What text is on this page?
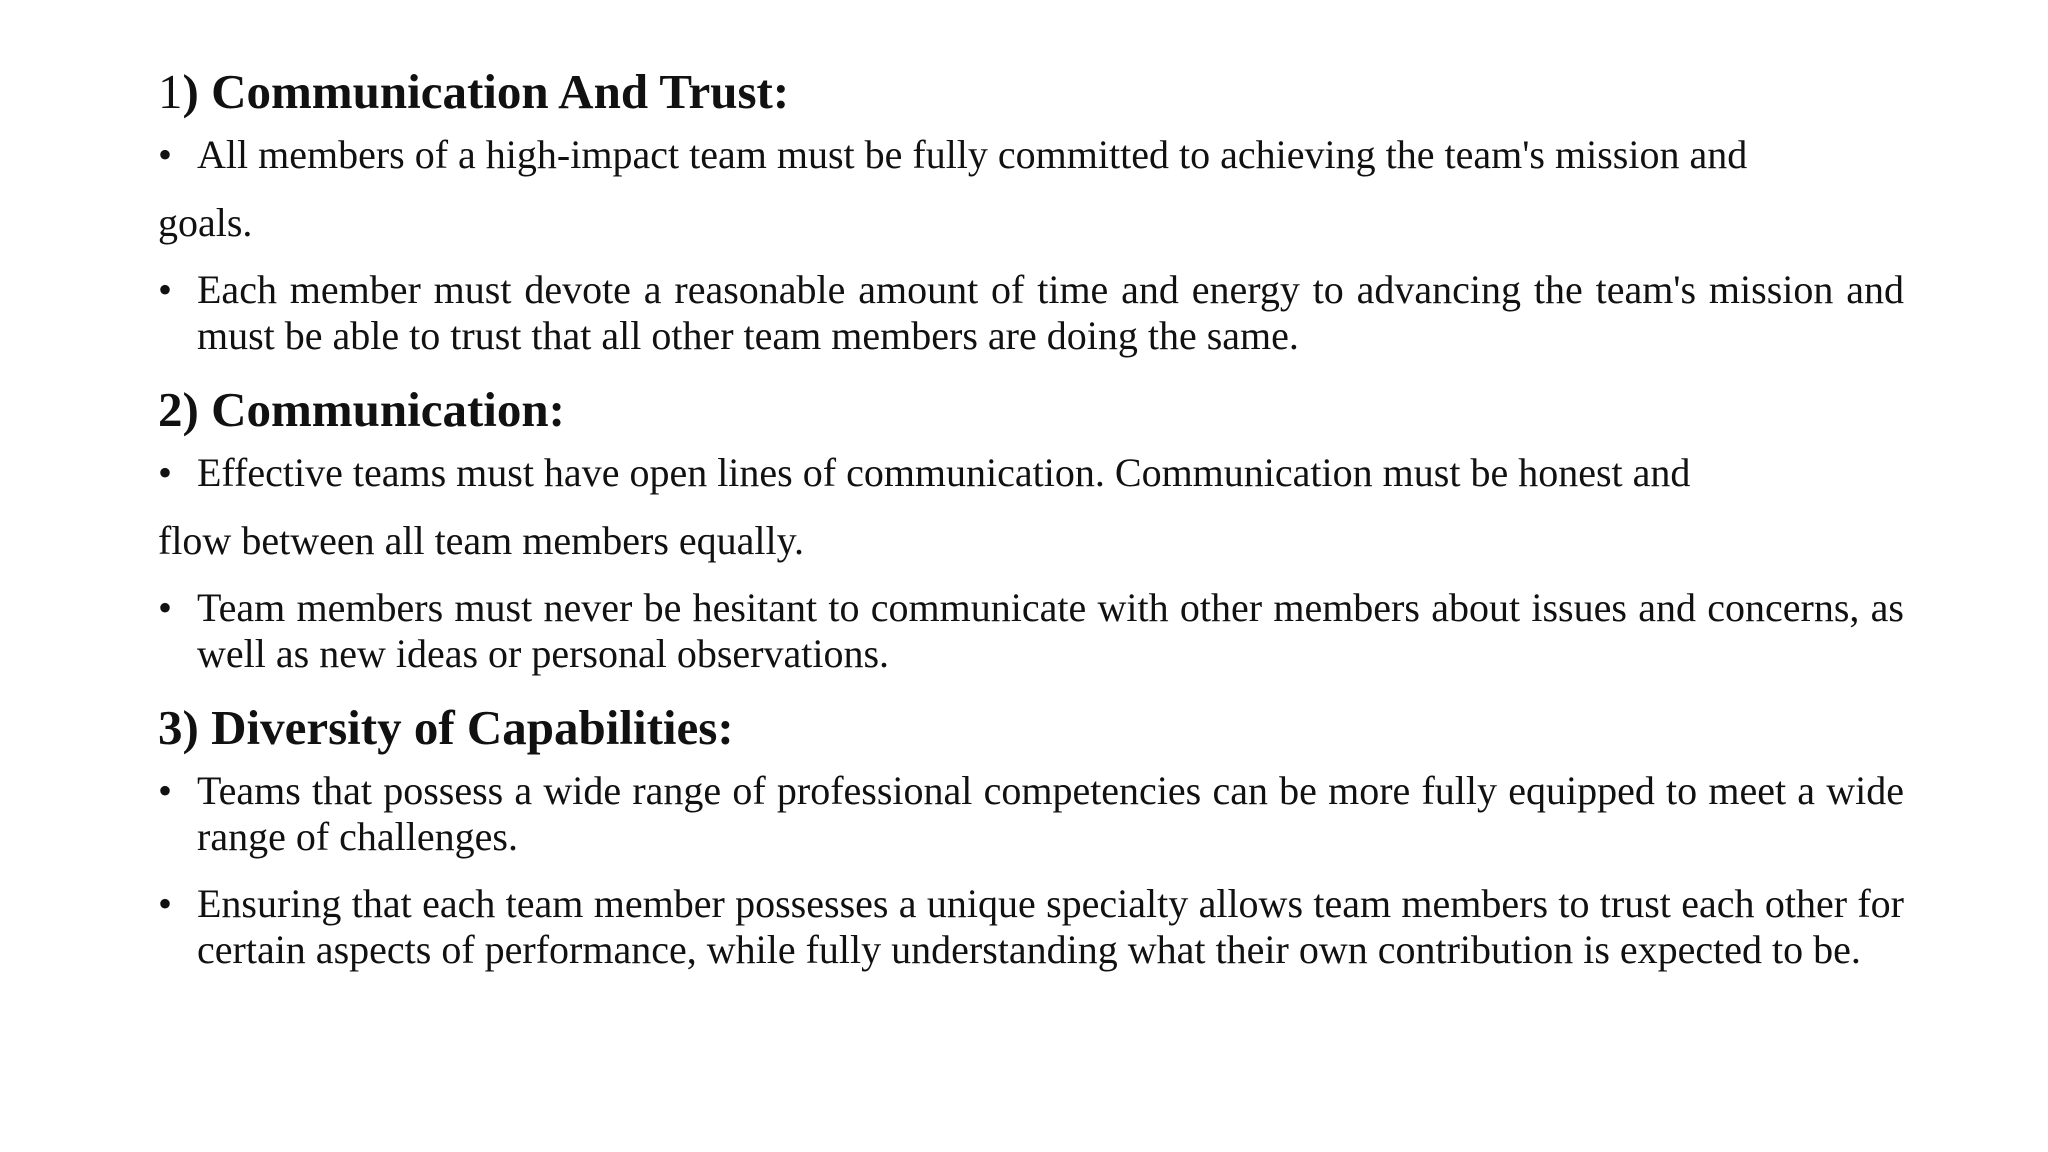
1) Communication And Trust:
• All members of a high-impact team must be fully committed to achieving the team's mission and
goals.
• Each member must devote a reasonable amount of time and energy to advancing the team's mission and must be able to trust that all other team members are doing the same.
2) Communication:
• Effective teams must have open lines of communication. Communication must be honest and
flow between all team members equally.
• Team members must never be hesitant to communicate with other members about issues and concerns, as well as new ideas or personal observations.
3) Diversity of Capabilities:
• Teams that possess a wide range of professional competencies can be more fully equipped to meet a wide range of challenges.
• Ensuring that each team member possesses a unique specialty allows team members to trust each other for certain aspects of performance, while fully understanding what their own contribution is expected to be.
